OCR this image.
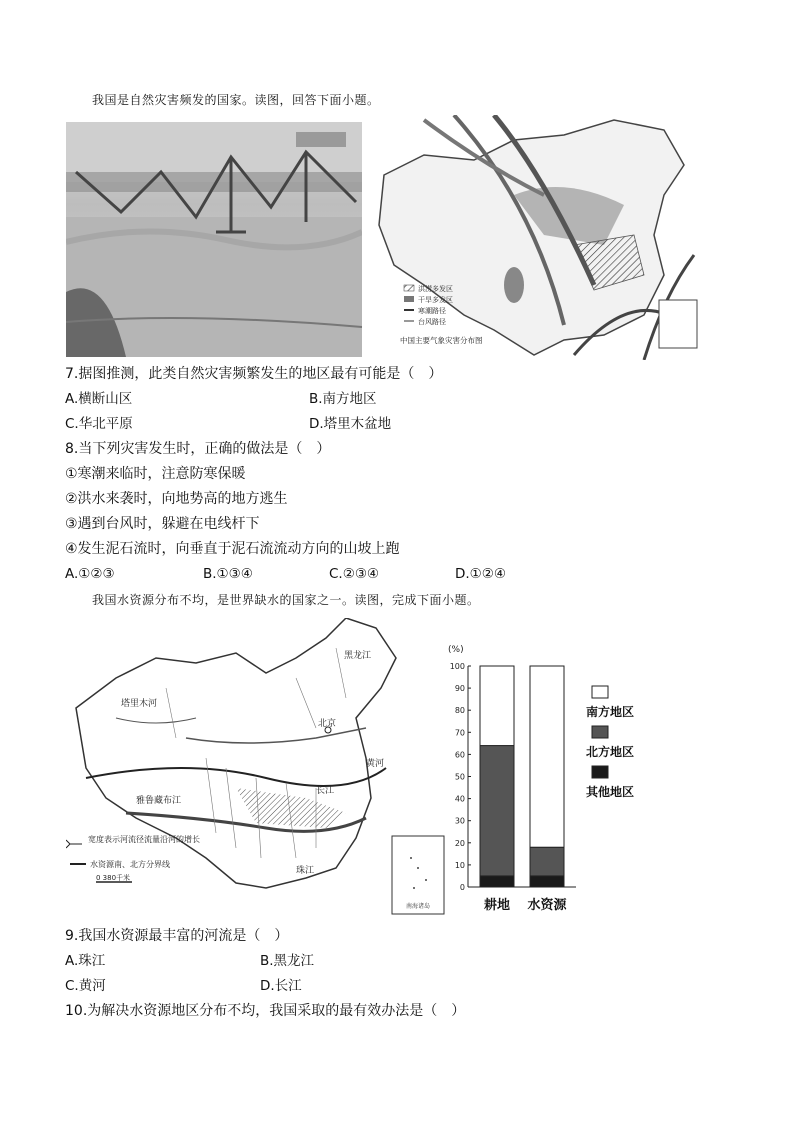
我国是自然灾害频发的国家。读图，回答下面小题。
洪涝多发区
干旱多发区
寒潮路径
台风路径
中国主要气象灾害分布图
7.据图推测，此类自然灾害频繁发生的地区最有可能是（　）
A.横断山区	B.南方地区
C.华北平原	D.塔里木盆地
8.当下列灾害发生时，正确的做法是（　）
①寒潮来临时，注意防寒保暖
②洪水来袭时，向地势高的地方逃生
③遇到台风时，躲避在电线杆下
④发生泥石流时，向垂直于泥石流流动方向的山坡上跑
A.①②③	B.①③④	C.②③④	D.①②④
我国水资源分布不均，是世界缺水的国家之一。读图，完成下面小题。
塔里木河
黑龙江
北京
黄河
长江
雅鲁藏布江
珠江
宽度表示河流径流量沿河的增长
水资源南、北方分界线
0 380千米
南海诸岛
(%)
0
10
20
30
40
50
60
70
80
90
100
耕地 水资源
南方地区
北方地区
其他地区
9.我国水资源最丰富的河流是（　）
A.珠江	B.黑龙江
C.黄河	D.长江
10.为解决水资源地区分布不均，我国采取的最有效办法是（　）
